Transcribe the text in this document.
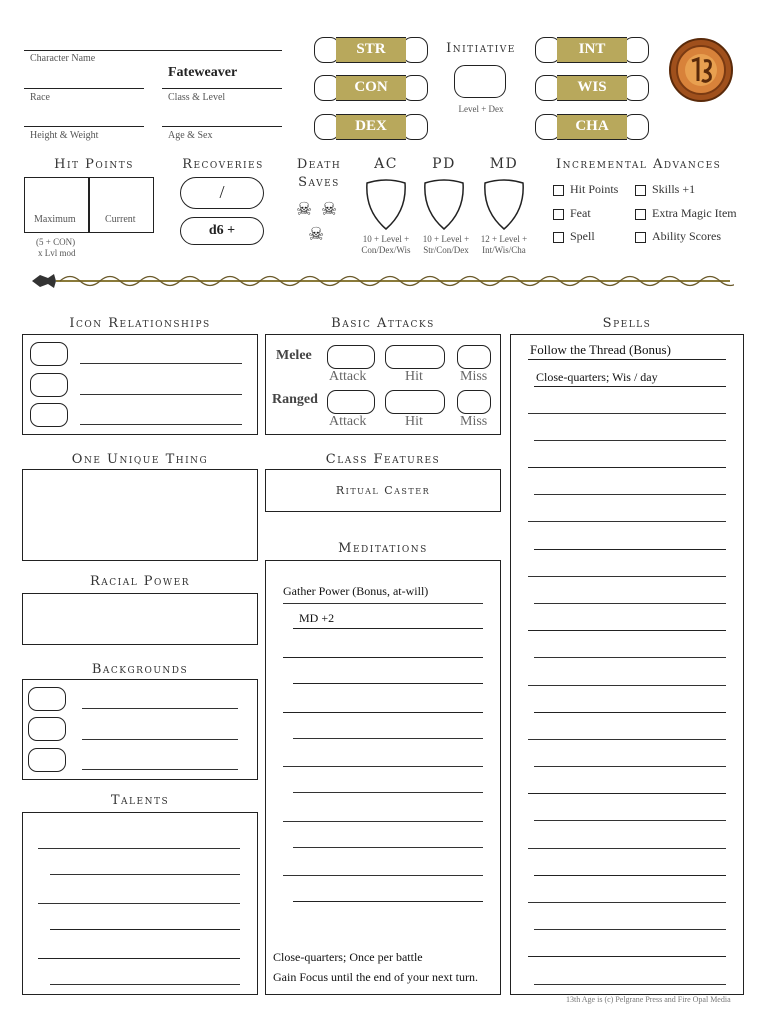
Character Name
Fateweaver
Race	Class & Level
Height & Weight	Age & Sex
STR
CON
DEX
Initiative
Level + Dex
INT
WIS
CHA
Hit Points
Maximum	Current
(5 + CON)
x Lvl mod
Recoveries
/
d6 +
Death
Saves
☠ ☠
☠
AC	PD	MD
10 + Level +
Con/Dex/Wis
10 + Level +
Str/Con/Dex
12 + Level +
Int/Wis/Cha
Incremental Advances
Hit Points	Skills +1
Feat	Extra Magic Item
Spell	Ability Scores
Icon Relationships
One Unique Thing
Racial Power
Backgrounds
Talents
Basic Attacks
Melee
Ranged
Attack	Hit	Miss
Attack	Hit	Miss
Class Features
Ritual Caster
Meditations
Gather Power (Bonus, at-will)
MD +2
Close-quarters; Once per battle
Gain Focus until the end of your next turn.
Spells
Follow the Thread (Bonus)
Close-quarters; Wis / day
13th Age is (c) Pelgrane Press and Fire Opal Media
